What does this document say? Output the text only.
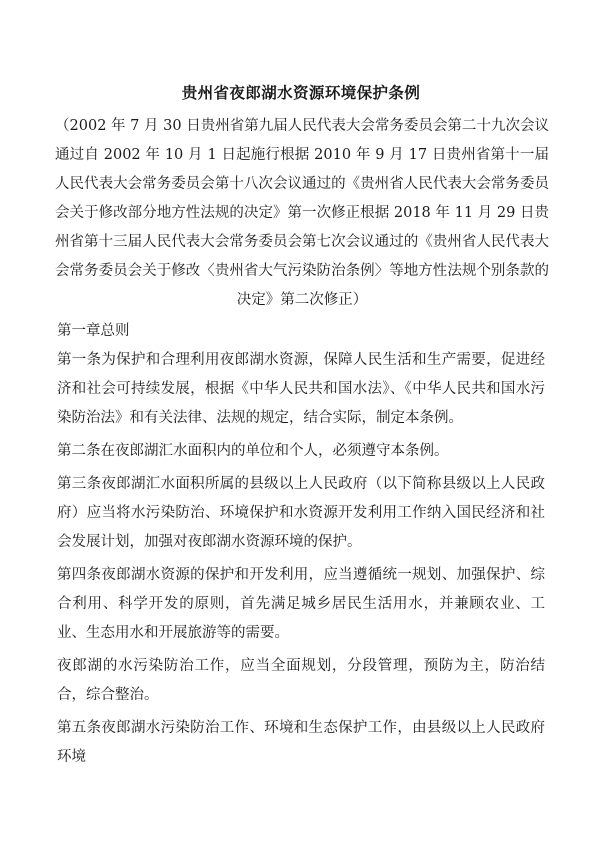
贵州省夜郎湖水资源环境保护条例

（2002 年 7 月 30 日贵州省第九届人民代表大会常务委员会第二十九次会议通过自 2002 年 10 月 1 日起施行根据 2010 年 9 月 17 日贵州省第十一届人民代表大会常务委员会第十八次会议通过的《贵州省人民代表大会常务委员会关于修改部分地方性法规的决定》第一次修正根据 2018 年 11 月 29 日贵州省第十三届人民代表大会常务委员会第七次会议通过的《贵州省人民代表大会常务委员会关于修改〈贵州省大气污染防治条例〉等地方性法规个别条款的决定》第二次修正）

第一章总则

第一条为保护和合理利用夜郎湖水资源，保障人民生活和生产需要，促进经济和社会可持续发展，根据《中华人民共和国水法》、《中华人民共和国水污染防治法》和有关法律、法规的规定，结合实际，制定本条例。

第二条在夜郎湖汇水面积内的单位和个人，必须遵守本条例。

第三条夜郎湖汇水面积所属的县级以上人民政府（以下简称县级以上人民政府）应当将水污染防治、环境保护和水资源开发利用工作纳入国民经济和社会发展计划，加强对夜郎湖水资源环境的保护。

第四条夜郎湖水资源的保护和开发利用，应当遵循统一规划、加强保护、综合利用、科学开发的原则，首先满足城乡居民生活用水，并兼顾农业、工业、生态用水和开展旅游等的需要。

夜郎湖的水污染防治工作，应当全面规划，分段管理，预防为主，防治结合，综合整治。

第五条夜郎湖水污染防治工作、环境和生态保护工作，由县级以上人民政府环境
